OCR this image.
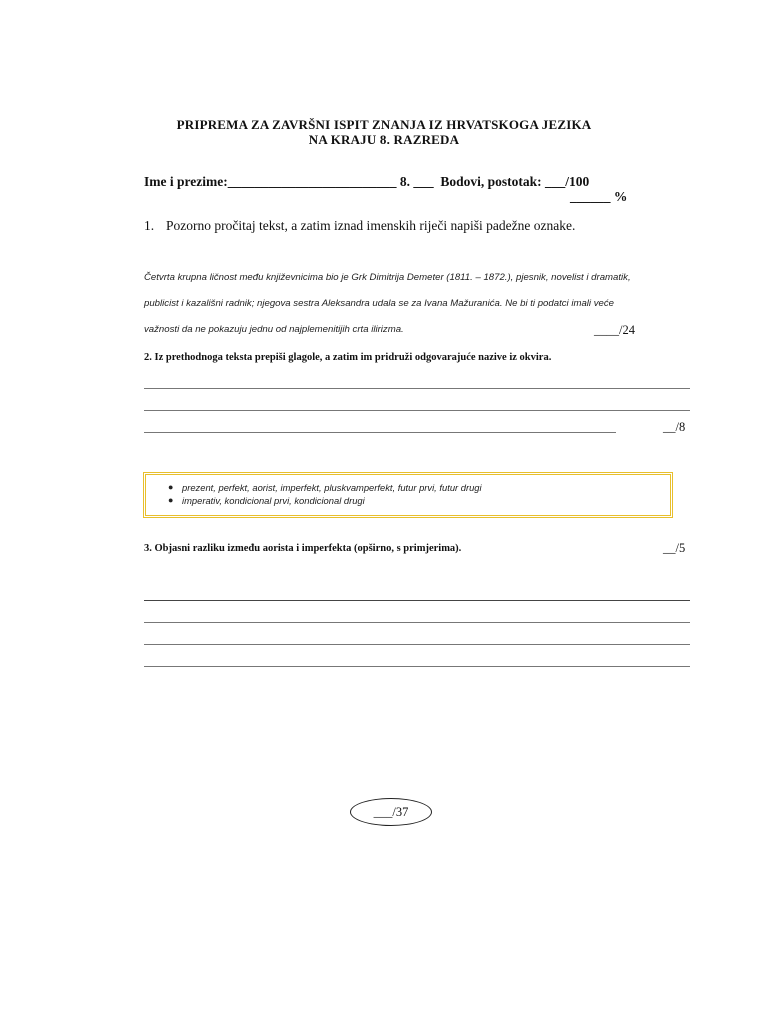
PRIPREMA ZA ZAVRŠNI ISPIT ZNANJA IZ HRVATSKOGA JEZIKA
NA KRAJU 8. RAZREDA
Ime i prezime:_________________________ 8. ___  Bodovi, postotak: ___/100
______ %
1. Pozorno pročitaj tekst, a zatim iznad imenskih riječi napiši padežne oznake.
Četvrta krupna ličnost među književnicima bio je Grk Dimitrija Demeter (1811. – 1872.), pjesnik, novelist i dramatik,
publicist i kazališni radnik; njegova sestra Aleksandra udala se za Ivana Mažuranića. Ne bi ti podatci imali veće
važnosti da ne pokazuju jednu od najplemenitijih crta ilirizma.	____/24
2. Iz prethodnoga teksta prepiši glagole, a zatim im pridruži odgovarajuće nazive iz okvira.
__/8
● prezent, perfekt, aorist, imperfekt, pluskvamperfekt, futur prvi, futur drugi
● imperativ, kondicional prvi, kondicional drugi
3. Objasni razliku između aorista i imperfekta (opširno, s primjerima).	__/5
___/37
